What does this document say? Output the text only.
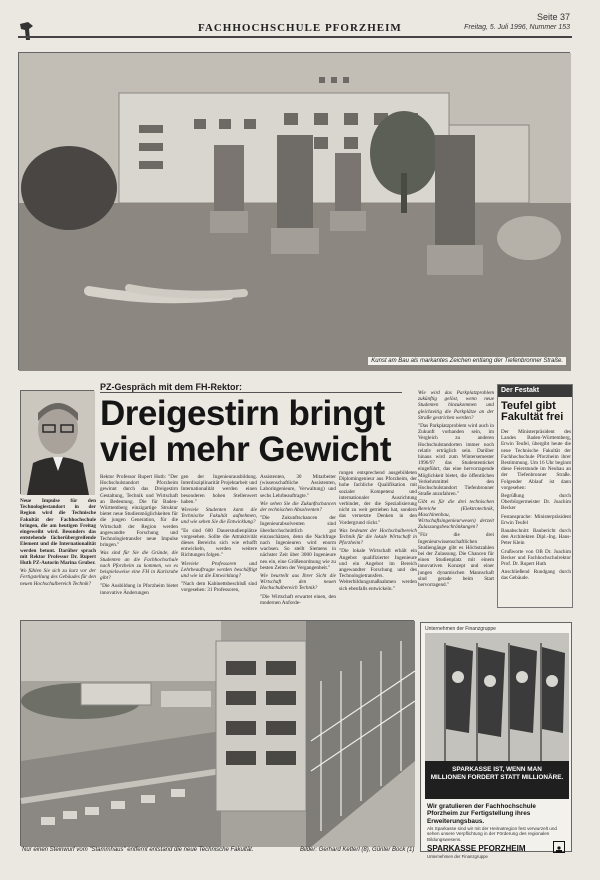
FACHHOCHSCHULE PFORZHEIM
Seite 37
Freitag, 5. Juli 1996, Nummer 153
Kunst am Bau als markantes Zeichen entlang der Tiefenbronner Straße.
PZ-Gespräch mit dem FH-Rektor:
Dreigestirn bringt
viel mehr Gewicht

Neue Impulse für den Technologiestandort in der Region wird die Technische Fakultät der Fachhochschule bringen, die am heutigen Freitag eingeweiht wird. Besonders das entstehende fächerübergreifende Element und die Internationalität werden betont. Darüber sprach mit Rektor Professor Dr. Rupert Huth PZ-Autorin Marina Gruber.

Wo fühlen Sie sich zu kurz vor der Fertigstellung des Gebäudes für den neuen Hochschulbereich Technik?

Rektor Professor Rupert Huth: "Der Hochschulstandort Pforzheim gewinnt durch das Dreigestirn Gestaltung, Technik und Wirtschaft an Bedeutung. Die für Baden-Württemberg einzigartige Struktur bietet neue Studienmöglichkeiten für die jungen Generation, für die Wirtschaft der Region werden angewandte Forschung und Technologietransfer neue Impulse bringen."

Was sind für Sie die Gründe, die Studenten an die Fachhochschule nach Pforzheim zu kommen, wo es beispielsweise eine FH in Karlsruhe gibt?

"Die Ausbildung in Pforzheim bietet innovative Änderungen

gen der Ingenieurausbildung. Interdisziplinarität Projektarbeit und Internationalität werden einen besonderen hohen Stellenwert haben."

Wieviele Studenten kann die Technische Fakultät aufnehmen, und wie sehen Sie die Entwicklung?

"Es sind 600 Dauerstudienplätze vorgesehen. Sollte die Attraktivität dieses Bereichs sich wie erhofft entwickeln, werden weitere Richtungen folgen."

Wieviele Professoren und Lehrbeauftragte werden beschäftigt und wie ist die Entwicklung?

"Nach dem Kabinettsbeschluß sind vorgesehen: 31 Professoren,

Assistenten, 30 Mitarbeiter (wissenschaftliche Assistenten, Laboringenieure, Verwaltung) und sechs Lehrbeauftragte."

Wie sehen Sie die Zukunftschancen der technischen Absolventen?

"Die Zukunftschancen der Ingenieurabsolventen sind überdurchschnittlich gut einzuschätzen, denn die Nachfrage nach Ingenieuren wird enorm wachsen. So stellt Siemens in nächster Zeit über 3000 Ingenieure neu ein, eine Größenordnung wie zu besten Zeiten der Vergangenheit."

Wie beurteilt aus Ihrer Sicht die Wirtschaft den neuen Hochschulbereich Technik?

"Die Wirtschaft erwartet einen, den modernen Anforde-

rungen entsprechend ausgebildeten Diplomingenieur aus Pforzheim, der hohe fachliche Qualifikation mit sozialer Kompetenz und internationaler Ausrichtung verbindet, der die Spezialisierung nicht zu weit getrieben hat, sondern das vernetzte Denken in den Vordergrund rückt."

Was bedeutet der Hochschulbereich Technik für die lokale Wirtschaft in Pforzheim?

"Die lokale Wirtschaft erhält ein Angebot qualifizierter Ingenieure und ein Angebot im Bereich angewandter Forschung und des Technologietransfers. Weiterbildungsmaßnahmen werden sich ebenfalls entwickeln."

Wie wird das Parkplatzproblem zukünftig gelöst, wenn neue Studenten hinzukommen und gleichzeitig die Parkplätze an der Straße gestrichen werden?

"Das Parkplatzproblem wird auch in Zukunft vorhanden sein, im Vergleich zu anderen Hochschulstandorten immer noch relativ erträglich sein. Darüber hinaus wird zum Wintersemester 1996/97 das Studententicket eingeführt, das eine hervorragende Möglichkeit bietet, die öffentlichen Verkehrsmittel den Hochschulstandort Tiefenbronner Straße anzufahren."

Gibt es für die drei technischen Bereiche (Elektrotechnik, Maschinenbau, Wirtschaftsingenieurwesen) derzeit Zulassungsbeschränkungen?

"Für die drei Ingenieurwissenschaftlichen Studiengänge gibt es Höchstzahlen bei der Zulassung. Die Chancen für einen Studienplatz mit einem innovativen Konzept und einer jungen dynamischen Mannschaft sind gerade beim Start hervorragend."

Der Festakt
Teufel gibt Fakultät frei

Der Ministerpräsident des Landes Baden-Württemberg, Erwin Teufel, übergibt heute die neue Technische Fakultät der Fachhochschule Pforzheim ihrer Bestimmung. Um 16 Uhr beginnt diese Feierstunde im Neubau an der Tiefenbronner Straße. Folgender Ablauf ist dann vorgesehen:

Begrüßung durch Oberbürgermeister Dr. Joachim Becker

Festansprache: Ministerpräsident Erwin Teufel

Bauabschnitt: Baubericht durch den Architekten Dipl.-Ing. Hans-Peter Klein

Grußworte von OB Dr. Joachim Becker und Fachhochschulrektor Prof. Dr. Rupert Huth

Anschließend Rundgang durch das Gebäude.

Nur einen Steinwurf vom "Stammhaus" entfernt entstand die neue Technische Fakultät.	Bilder: Gerhard Ketterl (8), Günter Bock (1)
Unternehmen der Finanzgruppe
SPARKASSE IST, WENN MAN
MILLIONEN FORDERT STATT MILLIONÄRE.
Wir gratulieren der Fachhochschule Pforzheim zur Fertigstellung ihres Erweiterungsbaus.
Als Sparkasse sind wir mit der Heimatregion fest verwurzelt und sehen unsere Verpflichtung in der Förderung des regionalen Bildungswesens.
SPARKASSE PFORZHEIM
Unternehmen der Finanzgruppe
